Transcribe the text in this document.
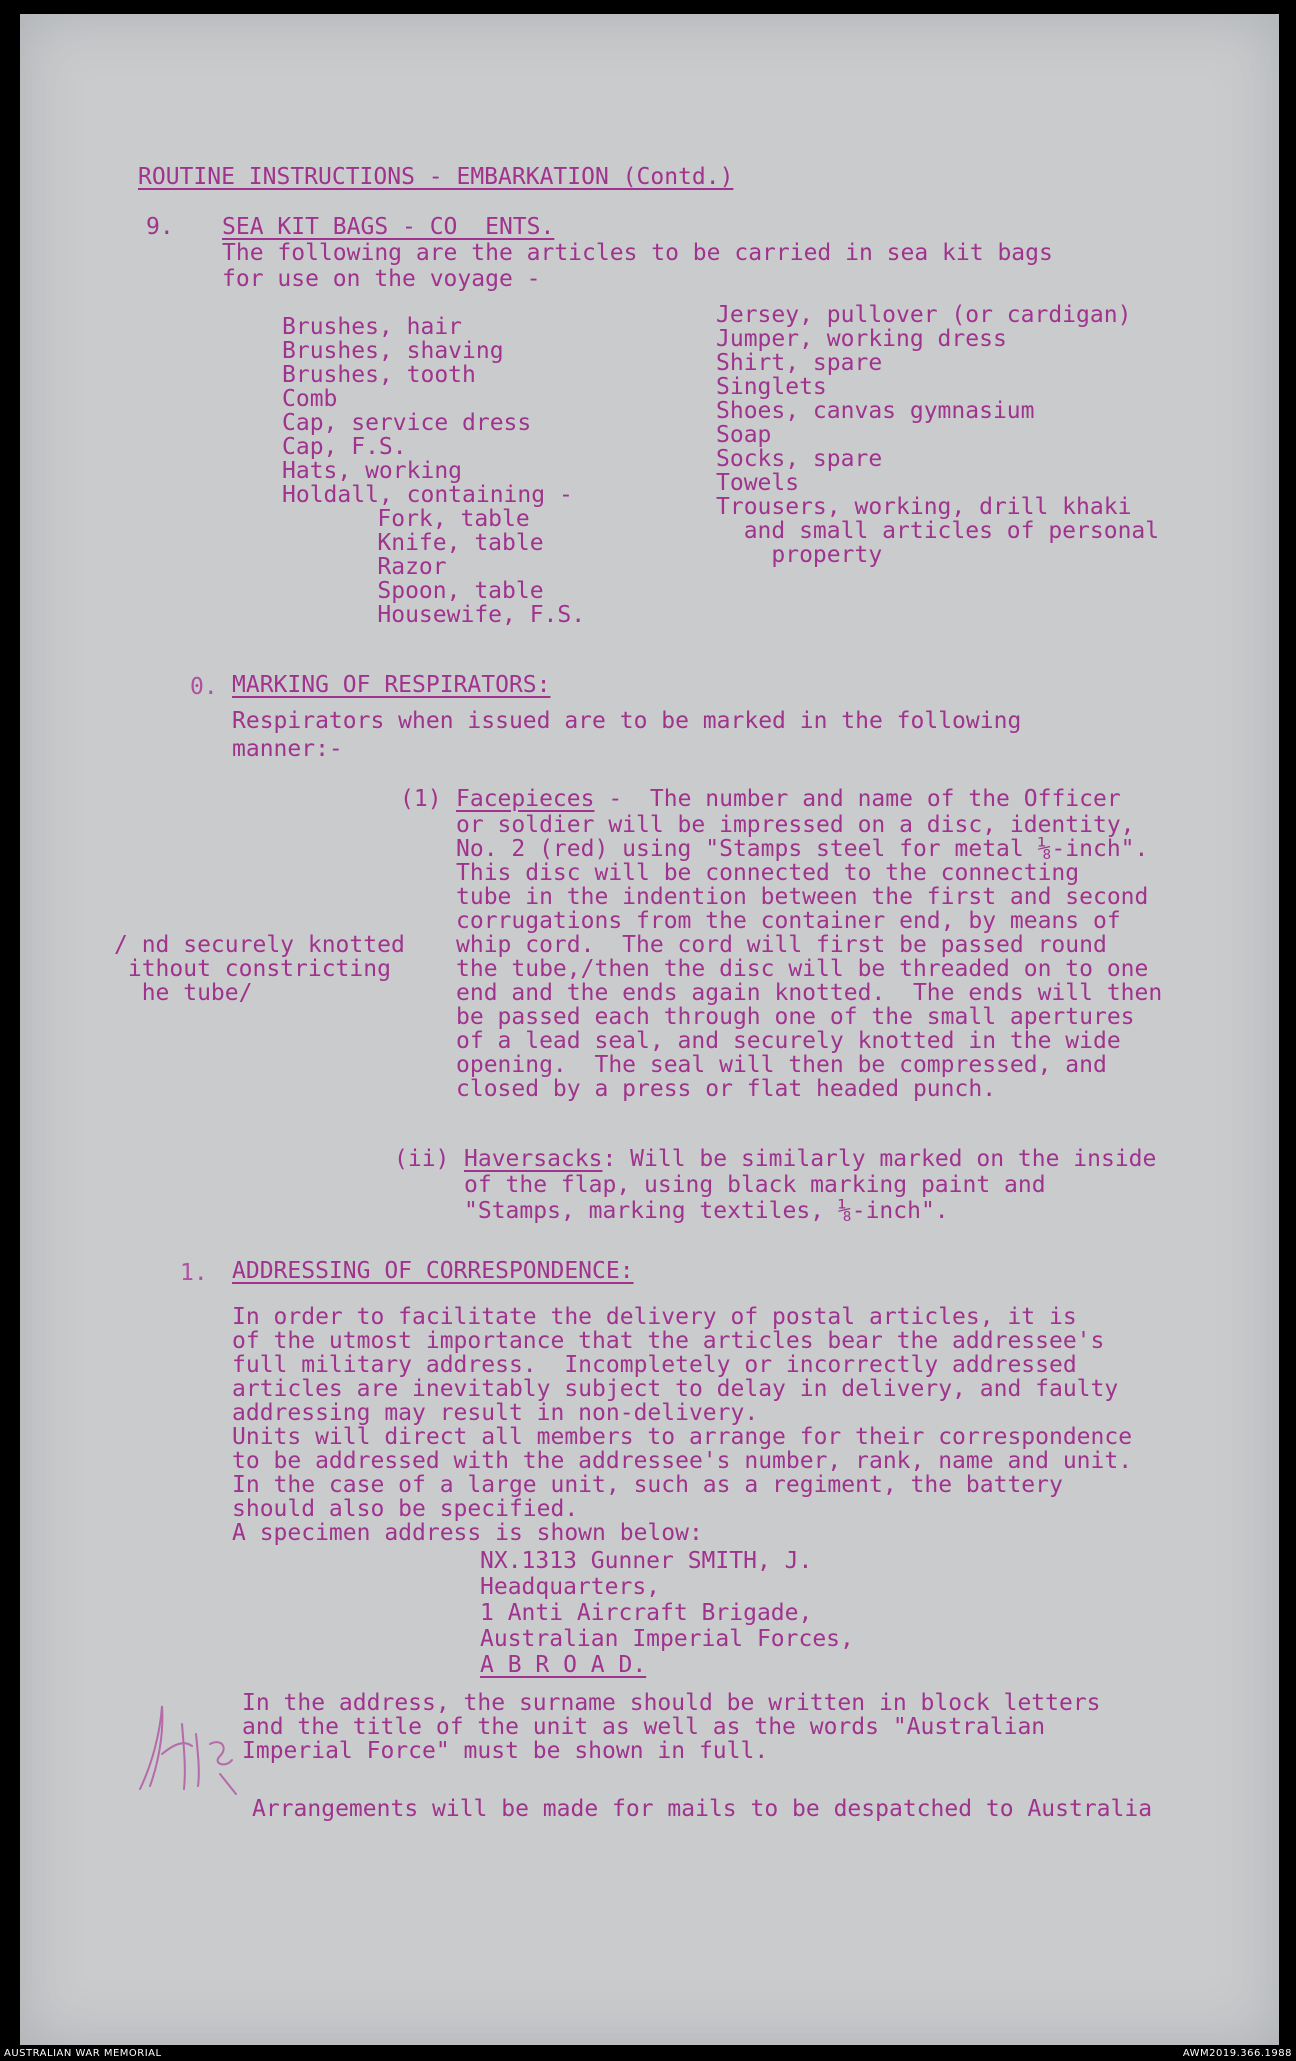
ROUTINE INSTRUCTIONS - EMBARKATION (Contd.)

9. SEA KIT BAGS - CO  ENTS.

The following are the articles to be carried in sea kit bags

for use on the voyage -

Brushes, hair

Brushes, shaving

Brushes, tooth

Comb

Cap, service dress

Cap, F.S.

Hats, working

Holdall, containing -

Fork, table

Knife, table

Razor

Spoon, table

Housewife, F.S.

Jersey, pullover (or cardigan)

Jumper, working dress

Shirt, spare

Singlets

Shoes, canvas gymnasium

Soap

Socks, spare

Towels

Trousers, working, drill khaki

and small articles of personal

property

0. MARKING OF RESPIRATORS:

Respirators when issued are to be marked in the following

manner:-

(1) Facepieces -  The number and name of the Officer

or soldier will be impressed on a disc, identity,

No. 2 (red) using "Stamps steel for metal ⅛-inch".

This disc will be connected to the connecting

tube in the indention between the first and second

corrugations from the container end, by means of

whip cord.  The cord will first be passed round

the tube,/then the disc will be threaded on to one

end and the ends again knotted.  The ends will then

be passed each through one of the small apertures

of a lead seal, and securely knotted in the wide

opening.  The seal will then be compressed, and

closed by a press or flat headed punch.

/ nd securely knotted

ithout constricting

he tube/

(ii) Haversacks: Will be similarly marked on the inside

of the flap, using black marking paint and

"Stamps, marking textiles, ⅛-inch".

1. ADDRESSING OF CORRESPONDENCE:

In order to facilitate the delivery of postal articles, it is

of the utmost importance that the articles bear the addressee's

full military address.  Incompletely or incorrectly addressed

articles are inevitably subject to delay in delivery, and faulty

addressing may result in non-delivery.

Units will direct all members to arrange for their correspondence

to be addressed with the addressee's number, rank, name and unit.

In the case of a large unit, such as a regiment, the battery

should also be specified.

A specimen address is shown below:

NX.1313 Gunner SMITH, J.

Headquarters,

1 Anti Aircraft Brigade,

Australian Imperial Forces,

A B R O A D.

In the address, the surname should be written in block letters

and the title of the unit as well as the words "Australian

Imperial Force" must be shown in full.

Arrangements will be made for mails to be despatched to Australia

AUSTRALIAN WAR MEMORIAL	AWM2019.366.1988
